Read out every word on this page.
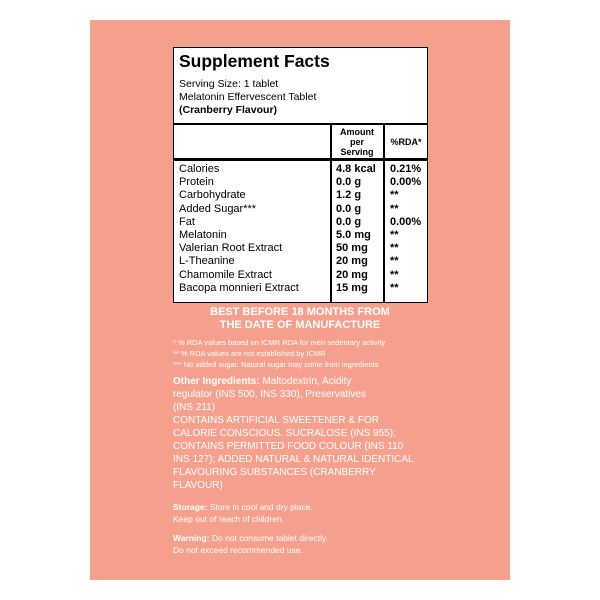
Supplement Facts
Serving Size: 1 tablet
Melatonin Effervescent Tablet
(Cranberry Flavour)
Amount
per
Serving
%RDA*
Calories	4.8 kcal 0.21%
Protein	0.0 g	0.00%
Carbohydrate	1.2 g	**
Added Sugar***	0.0 g	**
Fat	0.0 g	0.00%
Melatonin	5.0 mg **
Valerian Root Extract	50 mg **
L-Theanine	20 mg **
Chamomile Extract	20 mg **
Bacopa monnieri Extract	15 mg **
BEST BEFORE 18 MONTHS FROM
THE DATE OF MANUFACTURE
* % RDA values based on ICMR RDA for men sedentary activity
** % RDA values are not established by ICMR
*** No added sugar. Natural sugar may come from ingredients
Other Ingredients: Maltodextrin, Acidity
regulator (INS 500, INS 330), Preservatives
(INS 211)
CONTAINS ARTIFICIAL SWEETENER & FOR
CALORIE CONSCIOUS. SUCRALOSE (INS 955);
CONTAINS PERMITTED FOOD COLOUR (INS 110
INS 127); ADDED NATURAL & NATURAL IDENTICAL
FLAVOURING SUBSTANCES (CRANBERRY
FLAVOUR)
Storage: Store in cool and dry place.
Keep out of reach of children.
Warning: Do not consume tablet directly.
Do not exceed recommended use.
